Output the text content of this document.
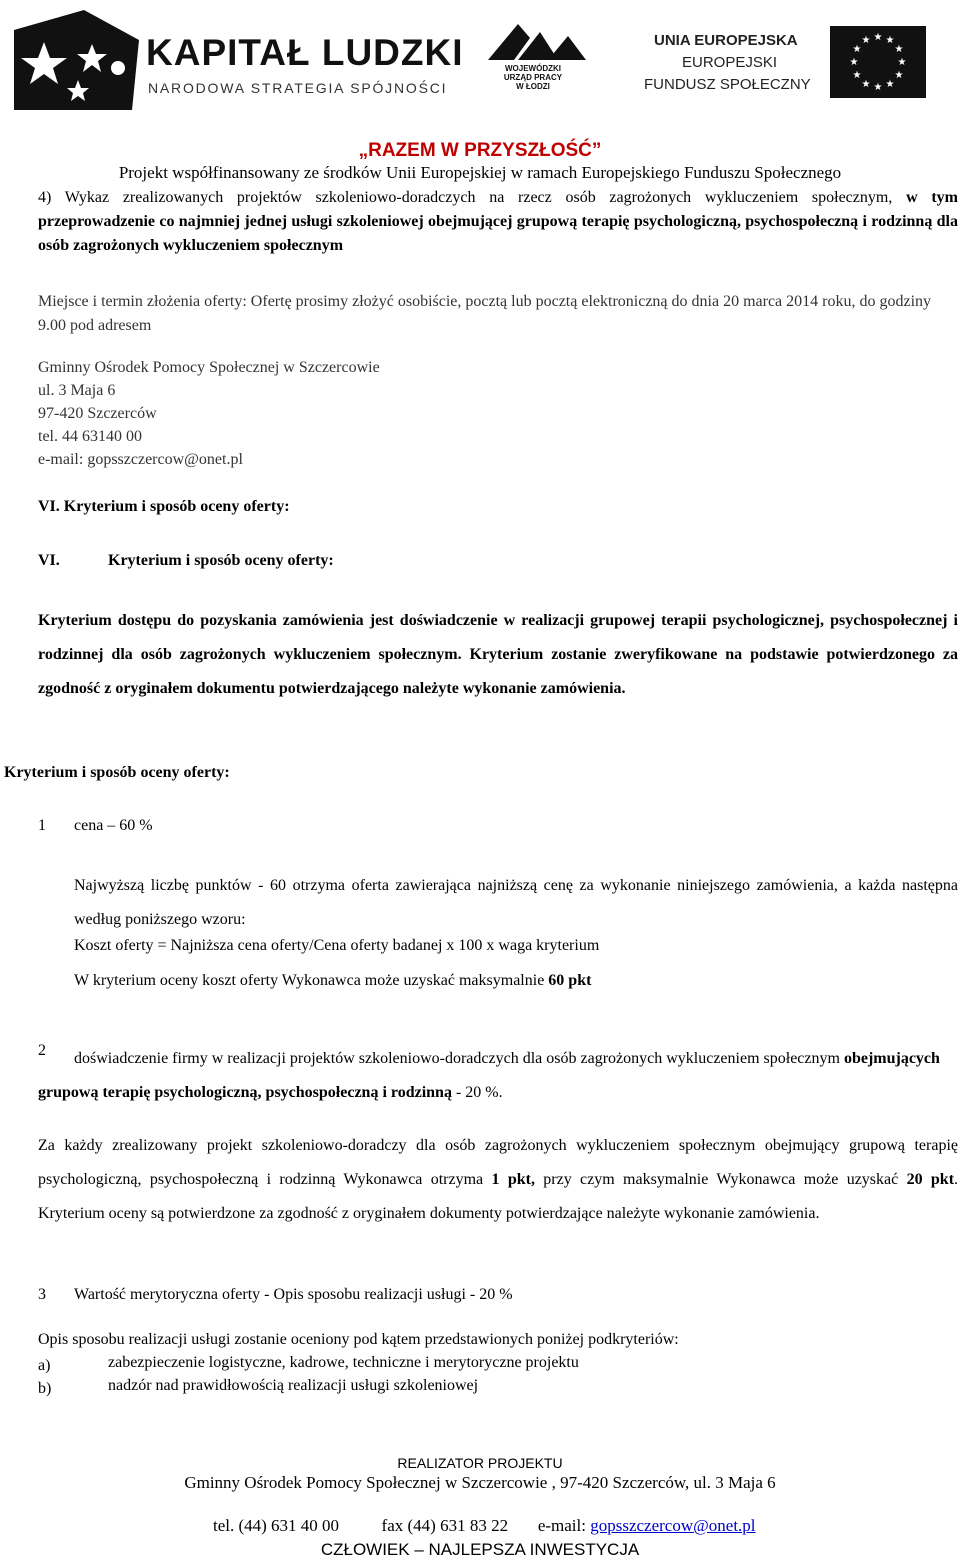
KAPITAŁ LUDZKI
NARODOWA STRATEGIA SPÓJNOŚCI
WOJEWÓDZKI
URZĄD PRACY
W ŁODZI
UNIA EUROPEJSKA
EUROPEJSKI
FUNDUSZ SPOŁECZNY
★ ★
★
★
★
★
★
★
★
★
★
★
„RAZEM W PRZYSZŁOŚĆ”
Projekt współfinansowany ze środków Unii Europejskiej w ramach Europejskiego Funduszu Społecznego
4) Wykaz zrealizowanych projektów szkoleniowo-doradczych na rzecz osób zagrożonych wykluczeniem społecznym, w tym przeprowadzenie co najmniej jednej usługi szkoleniowej obejmującej grupową terapię psychologiczną, psychospołeczną i rodzinną dla osób zagrożonych wykluczeniem społecznym
Miejsce i termin złożenia oferty: Ofertę prosimy złożyć osobiście, pocztą lub pocztą elektroniczną do dnia 20 marca 2014 roku, do godziny 9.00 pod adresem
Gminny Ośrodek Pomocy Społecznej w Szczercowie
ul. 3 Maja 6
97-420 Szczerców
tel. 44 63140 00
e-mail: gopsszczercow@onet.pl
VI. Kryterium i sposób oceny oferty:
VI.	Kryterium i sposób oceny oferty:
Kryterium dostępu do pozyskania zamówienia jest doświadczenie w realizacji grupowej terapii psychologicznej, psychospołecznej i rodzinnej dla osób zagrożonych wykluczeniem społecznym. Kryterium zostanie zweryfikowane na podstawie potwierdzonego za zgodność z oryginałem dokumentu potwierdzającego należyte wykonanie zamówienia.
Kryterium i sposób oceny oferty:
1 cena – 60 %
Najwyższą liczbę punktów - 60 otrzyma oferta zawierająca najniższą cenę za wykonanie niniejszego zamówienia, a każda następna według poniższego wzoru:
Koszt oferty = Najniższa cena oferty/Cena oferty badanej x 100 x waga kryterium
W kryterium oceny koszt oferty Wykonawca może uzyskać maksymalnie 60 pkt
2	doświadczenie firmy w realizacji projektów szkoleniowo-doradczych dla osób zagrożonych wykluczeniem społecznym obejmujących grupową terapię psychologiczną, psychospołeczną i rodzinną - 20 %.
Za każdy zrealizowany projekt szkoleniowo-doradczy dla osób zagrożonych wykluczeniem społecznym obejmujący grupową terapię psychologiczną, psychospołeczną i rodzinną Wykonawca otrzyma 1 pkt, przy czym maksymalnie Wykonawca może uzyskać 20 pkt. Kryterium oceny są potwierdzone za zgodność z oryginałem dokumenty potwierdzające należyte wykonanie zamówienia.
3 Wartość merytoryczna oferty - Opis sposobu realizacji usługi - 20 %
Opis sposobu realizacji usługi zostanie oceniony pod kątem przedstawionych poniżej podkryteriów:
a)	zabezpieczenie logistyczne, kadrowe, techniczne i merytoryczne projektu
b)	nadzór nad prawidłowością realizacji usługi szkoleniowej
REALIZATOR PROJEKTU
Gminny Ośrodek Pomocy Społecznej w Szczercowie , 97-420 Szczerców, ul. 3 Maja 6

tel. (44) 631 40 00	fax (44) 631 83 22 e-mail: gopsszczercow@onet.pl

CZŁOWIEK – NAJLEPSZA INWESTYCJA
